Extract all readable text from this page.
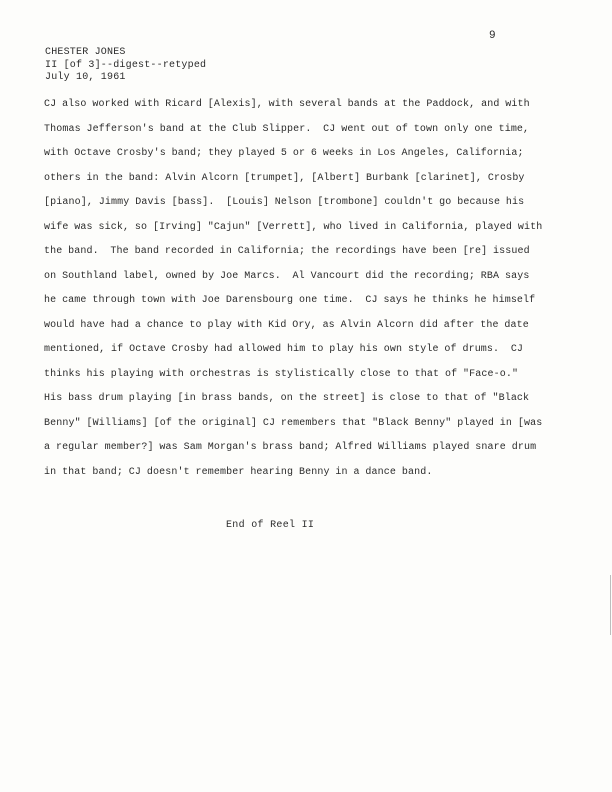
9
CHESTER JONES
II [of 3]--digest--retyped
July 10, 1961
CJ also worked with Ricard [Alexis], with several bands at the Paddock, and with
Thomas Jefferson's band at the Club Slipper.  CJ went out of town only one time,
with Octave Crosby's band; they played 5 or 6 weeks in Los Angeles, California;
others in the band: Alvin Alcorn [trumpet], [Albert] Burbank [clarinet], Crosby
[piano], Jimmy Davis [bass].  [Louis] Nelson [trombone] couldn't go because his
wife was sick, so [Irving] "Cajun" [Verrett], who lived in California, played with
the band.  The band recorded in California; the recordings have been [re] issued
on Southland label, owned by Joe Marcs.  Al Vancourt did the recording; RBA says
he came through town with Joe Darensbourg one time.  CJ says he thinks he himself
would have had a chance to play with Kid Ory, as Alvin Alcorn did after the date
mentioned, if Octave Crosby had allowed him to play his own style of drums.  CJ
thinks his playing with orchestras is stylistically close to that of "Face-o."
His bass drum playing [in brass bands, on the street] is close to that of "Black
Benny" [Williams] [of the original] CJ remembers that "Black Benny" played in [was
a regular member?] was Sam Morgan's brass band; Alfred Williams played snare drum
in that band; CJ doesn't remember hearing Benny in a dance band.
End of Reel II
